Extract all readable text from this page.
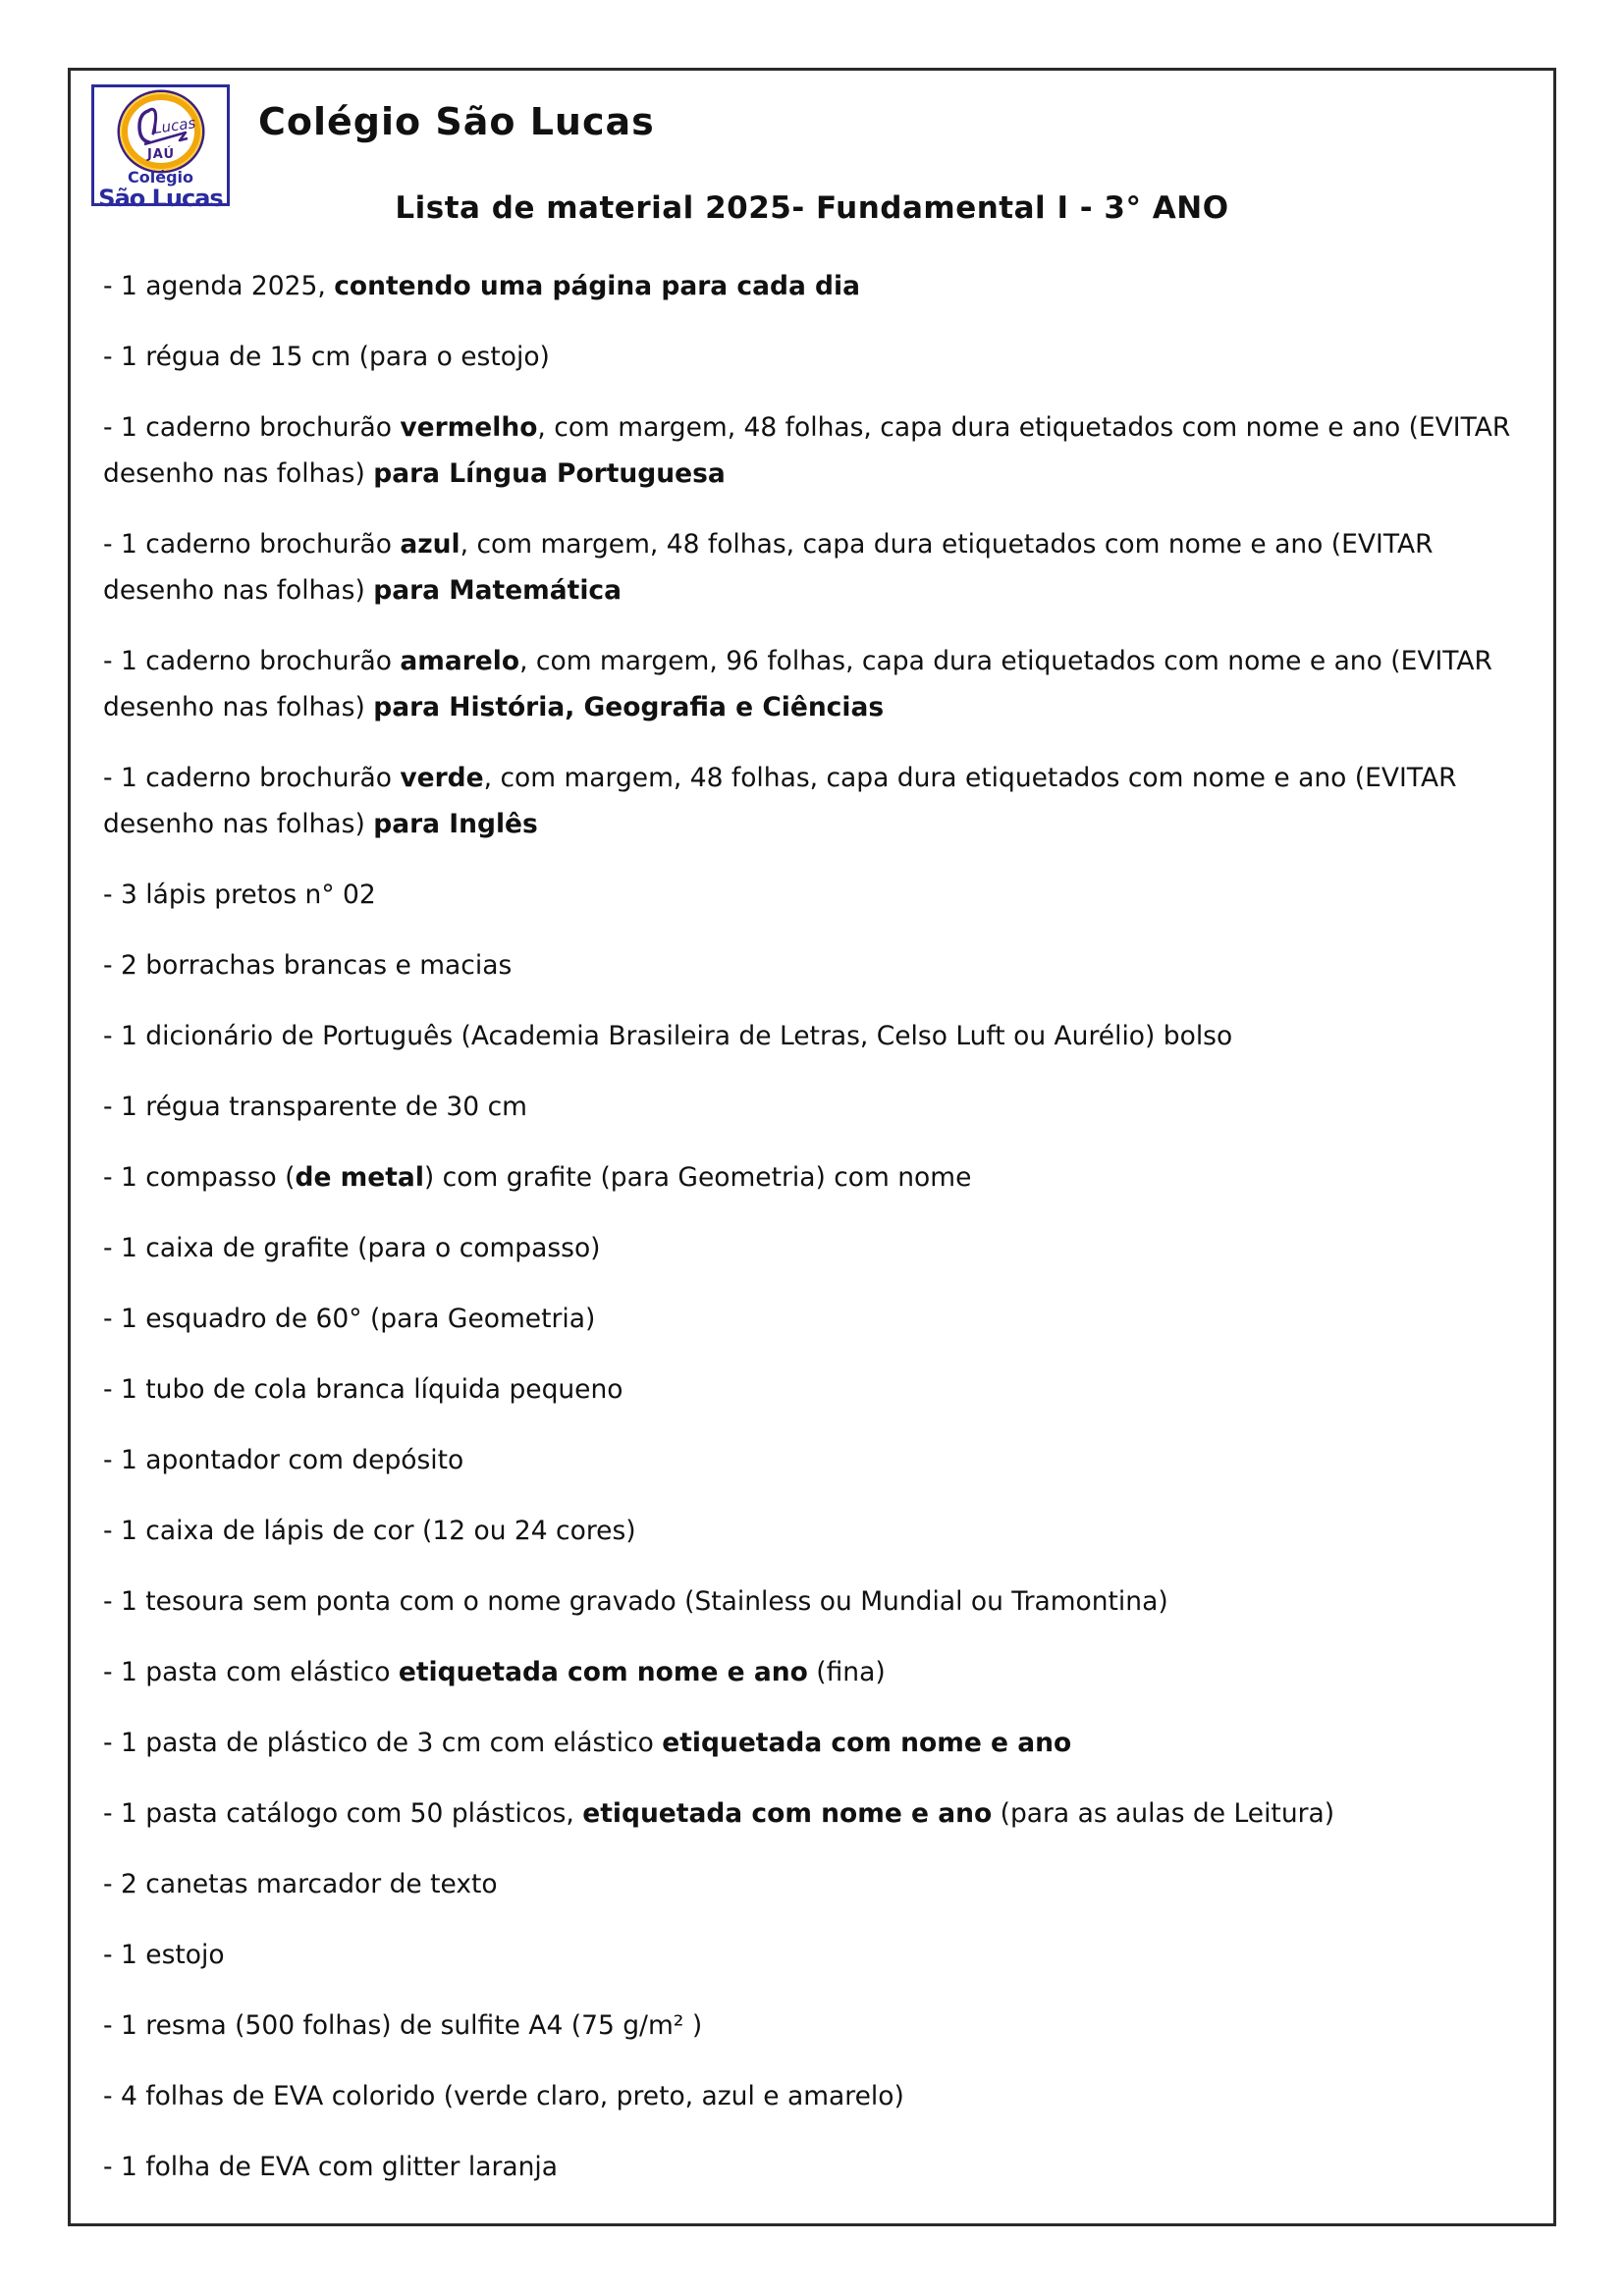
Lucas
JAÚ
Colégio
São Lucas
Colégio São Lucas
Lista de material 2025- Fundamental I - 3° ANO

- 1 agenda 2025, contendo uma página para cada dia

- 1 régua de 15 cm (para o estojo)

- 1 caderno brochurão vermelho, com margem, 48 folhas, capa dura etiquetados com nome e ano (EVITAR desenho nas folhas) para Língua Portuguesa

- 1 caderno brochurão azul, com margem, 48 folhas, capa dura etiquetados com nome e ano (EVITAR desenho nas folhas) para Matemática

- 1 caderno brochurão amarelo, com margem, 96 folhas, capa dura etiquetados com nome e ano (EVITAR desenho nas folhas) para História, Geografia e Ciências

- 1 caderno brochurão verde, com margem, 48 folhas, capa dura etiquetados com nome e ano (EVITAR desenho nas folhas) para Inglês

- 3 lápis pretos n° 02

- 2 borrachas brancas e macias

- 1 dicionário de Português (Academia Brasileira de Letras, Celso Luft ou Aurélio) bolso

- 1 régua transparente de 30 cm

- 1 compasso (de metal) com grafite (para Geometria) com nome

- 1 caixa de grafite (para o compasso)

- 1 esquadro de 60° (para Geometria)

- 1 tubo de cola branca líquida pequeno

- 1 apontador com depósito

- 1 caixa de lápis de cor (12 ou 24 cores)

- 1 tesoura sem ponta com o nome gravado (Stainless ou Mundial ou Tramontina)

- 1 pasta com elástico etiquetada com nome e ano (fina)

- 1 pasta de plástico de 3 cm com elástico etiquetada com nome e ano

- 1 pasta catálogo com 50 plásticos, etiquetada com nome e ano (para as aulas de Leitura)

- 2 canetas marcador de texto

- 1 estojo

- 1 resma (500 folhas) de sulfite A4 (75 g/m² )

- 4 folhas de EVA colorido (verde claro, preto, azul e amarelo)

- 1 folha de EVA com glitter laranja
